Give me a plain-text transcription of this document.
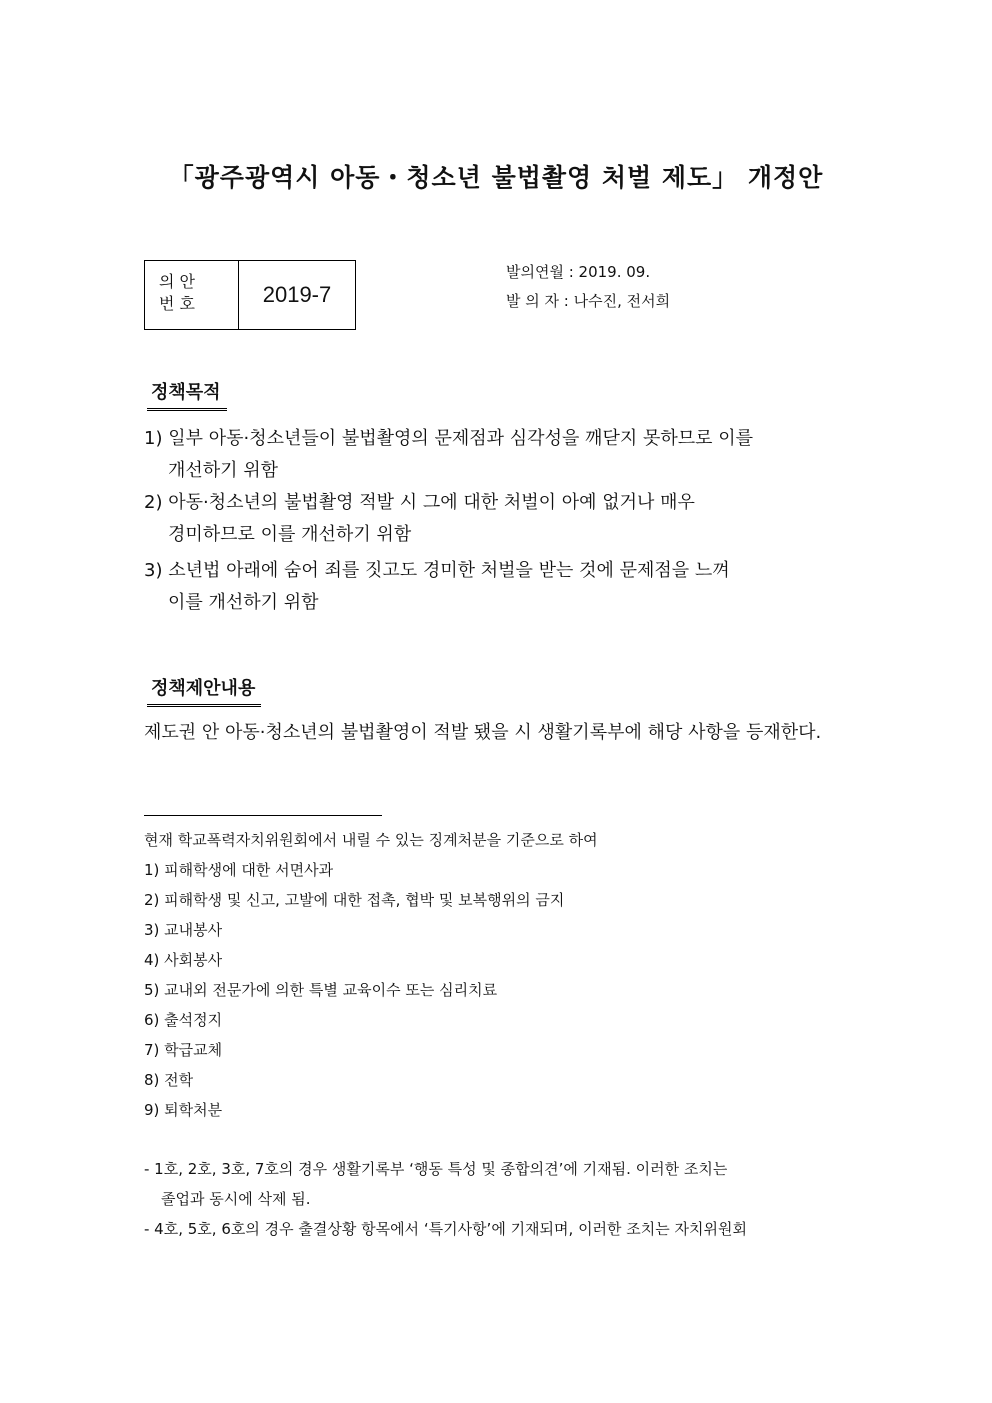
「광주광역시 아동・청소년 불법촬영 처벌 제도」 개정안
의 안
번 호	2019-7
발의연월 : 2019. 09.
발 의 자 : 나수진, 전서희
정책목적
1) 일부 아동·청소년들이 불법촬영의 문제점과 심각성을 깨닫지 못하므로 이를
개선하기 위함
2) 아동·청소년의 불법촬영 적발 시 그에 대한 처벌이 아예 없거나 매우
경미하므로 이를 개선하기 위함
3) 소년법 아래에 숨어 죄를 짓고도 경미한 처벌을 받는 것에 문제점을 느껴
이를 개선하기 위함
정책제안내용
제도권 안 아동·청소년의 불법촬영이 적발 됐을 시 생활기록부에 해당 사항을 등재한다.
현재 학교폭력자치위원회에서 내릴 수 있는 징계처분을 기준으로 하여
1) 피해학생에 대한 서면사과
2) 피해학생 및 신고, 고발에 대한 접촉, 협박 및 보복행위의 금지
3) 교내봉사
4) 사회봉사
5) 교내외 전문가에 의한 특별 교육이수 또는 심리치료
6) 출석정지
7) 학급교체
8) 전학
9) 퇴학처분
- 1호, 2호, 3호, 7호의 경우 생활기록부 ‘행동 특성 및 종합의견’에 기재됨. 이러한 조치는
졸업과 동시에 삭제 됨.
- 4호, 5호, 6호의 경우 출결상황 항목에서 ‘특기사항’에 기재되며, 이러한 조치는 자치위원회
